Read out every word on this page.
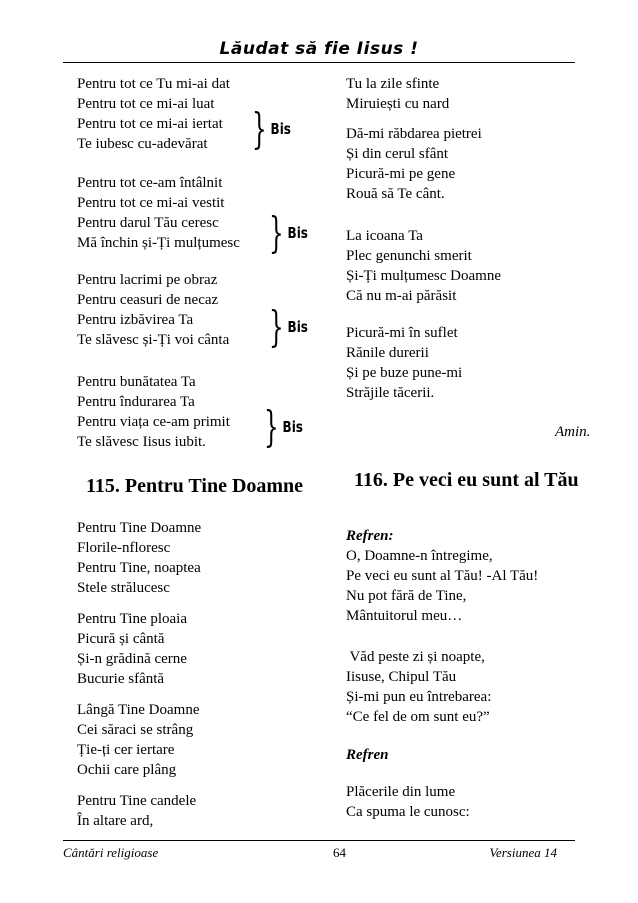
Lăudat să fie Iisus !
Pentru tot ce Tu mi-ai dat
Pentru tot ce mi-ai luat
Pentru tot ce mi-ai iertat
Te iubesc cu-adevărat	} Bis
Pentru tot ce-am întâlnit
Pentru tot ce mi-ai vestit
Pentru darul Tău ceresc
Mă închin și-Ți mulțumesc } Bis
Pentru lacrimi pe obraz
Pentru ceasuri de necaz
Pentru izbăvirea Ta
Te slăvesc și-Ți voi cânta } Bis
Pentru bunătatea Ta
Pentru îndurarea Ta
Pentru viața ce-am primit
Te slăvesc Iisus iubit.	} Bis
Tu la zile sfinte
Miruiești cu nard
Dă-mi răbdarea pietrei
Și din cerul sfânt
Picură-mi pe gene
Rouă să Te cânt.
La icoana Ta
Plec genunchi smerit
Și-Ți mulțumesc Doamne
Că nu m-ai părăsit
Picură-mi în suflet
Rănile durerii
Și pe buze pune-mi
Străjile tăcerii.
Amin.
115. Pentru Tine Doamne	116. Pe veci eu sunt al Tău
Pentru Tine Doamne
Florile-nfloresc
Pentru Tine, noaptea
Stele strălucesc
Pentru Tine ploaia
Picură și cântă
Și-n grădină cerne
Bucurie sfântă
Lângă Tine Doamne
Cei săraci se strâng
Ție-ți cer iertare
Ochii care plâng
Pentru Tine candele
În altare ard,
Refren:
O, Doamne-n întregime,
Pe veci eu sunt al Tău! -Al Tău!
Nu pot fără de Tine,
Mântuitorul meu…
Văd peste zi și noapte,
Iisuse, Chipul Tău
Și-mi pun eu întrebarea:
“Ce fel de om sunt eu?”
Refren
Plăcerile din lume
Ca spuma le cunosc:
Cântări religioase	64	Versiunea 14
